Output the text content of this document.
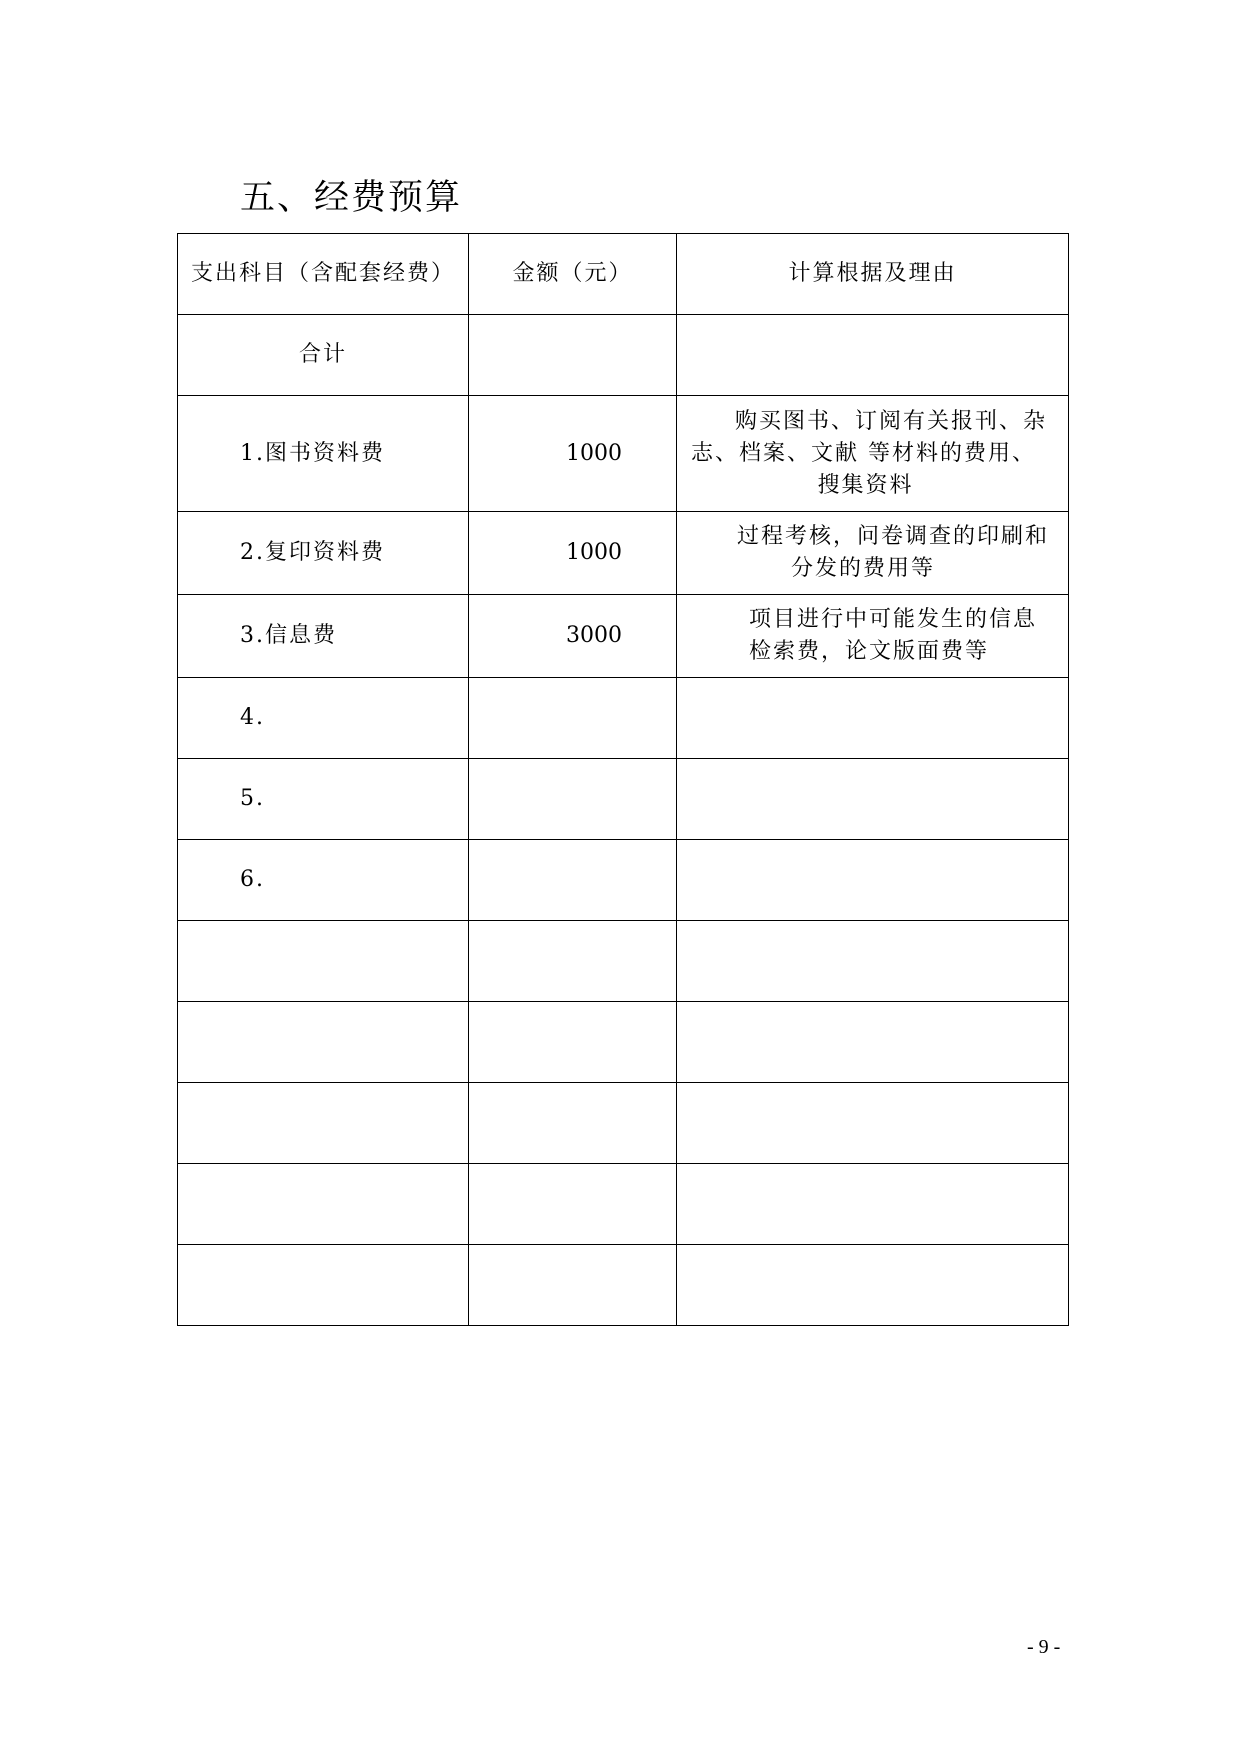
五、经费预算
支出科目（含配套经费）	金额（元）	计算根据及理由
合计		
1.图书资料费	1000	购买图书、订阅有关报刊、杂
志、档案、文献 等材料的费用、
搜集资料

2.复印资料费	1000	过程考核，问卷调查的印刷和
分发的费用等

3.信息费	3000	项目进行中可能发生的信息
检索费，论文版面费等
4.		
5.		
6.		

- 9 -
